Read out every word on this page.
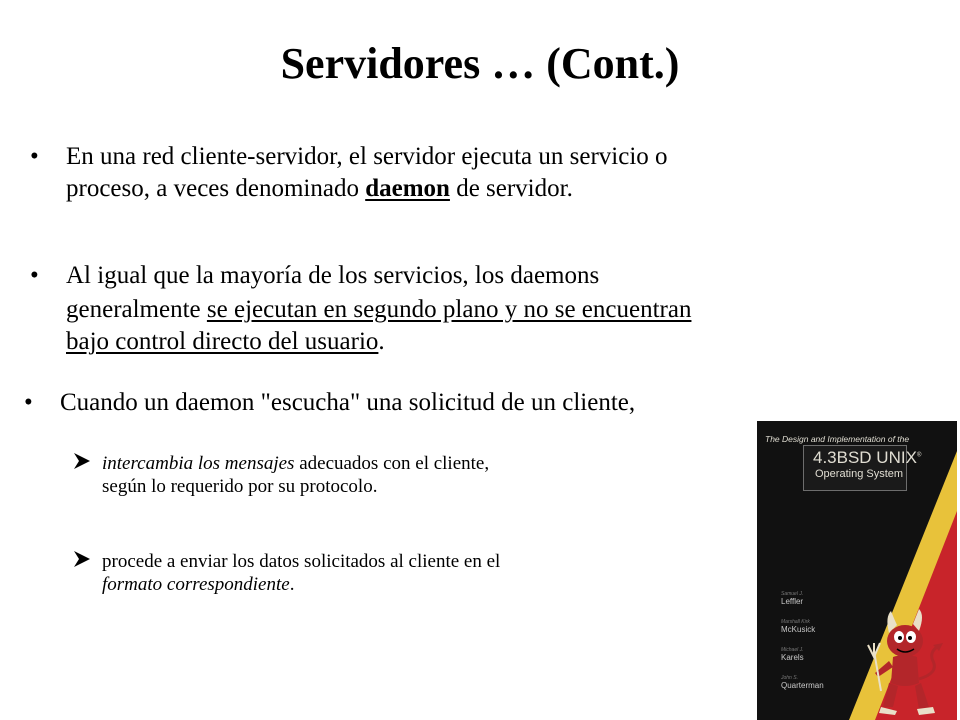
Servidores … (Cont.)
• En una red cliente-servidor, el servidor ejecuta un servicio o
proceso, a veces denominado daemon de servidor.
• Al igual que la mayoría de los servicios, los daemons
generalmente se ejecutan en segundo plano y no se encuentran
bajo control directo del usuario.
• Cuando un daemon "escucha" una solicitud de un cliente,
intercambia los mensajes adecuados con el cliente,
según lo requerido por su protocolo.
procede a enviar los datos solicitados al cliente en el
formato correspondiente.
The Design and Implementation of the
4.3BSD UNIX®
Operating System
Samuel J.
Leffler
Marshall Kirk
McKusick
Michael J.
Karels
John S.
Quarterman
